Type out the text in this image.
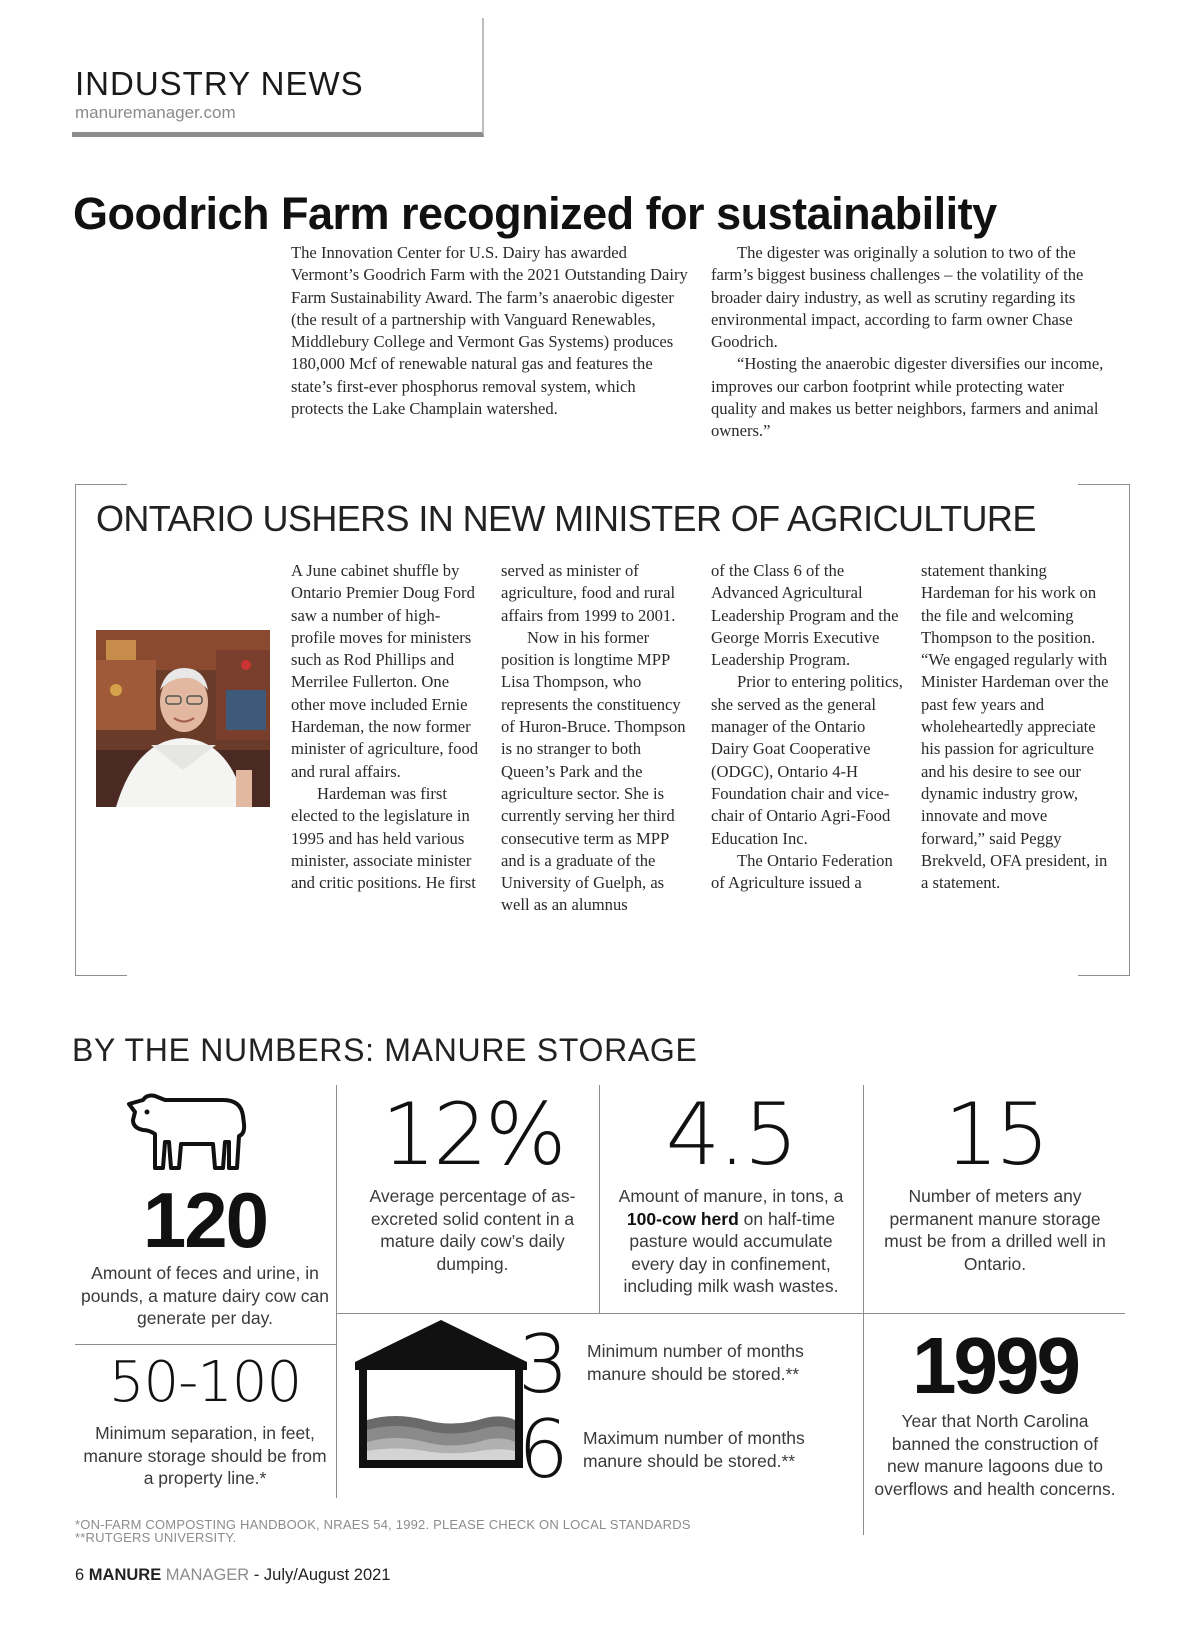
INDUSTRY NEWS
manuremanager.com
Goodrich Farm recognized for sustainability

The Innovation Center for U.S. Dairy has awarded Vermont’s Goodrich Farm with the 2021 Outstanding Dairy Farm Sustainability Award. The farm’s anaerobic digester (the result of a partnership with Vanguard Renewables, Middlebury College and Vermont Gas Systems) produces 180,000 Mcf of renewable natural gas and features the state’s first-ever phosphorus removal system, which protects the Lake Champlain watershed.

The digester was originally a solution to two of the farm’s biggest business challenges – the volatility of the broader dairy industry, as well as scrutiny regarding its environmental impact, according to farm owner Chase Goodrich.

“Hosting the anaerobic digester diversifies our income, improves our carbon footprint while protecting water quality and makes us better neighbors, farmers and animal owners.”

ONTARIO USHERS IN NEW MINISTER OF AGRICULTURE

A June cabinet shuffle by Ontario Premier Doug Ford saw a number of high-profile moves for ministers such as Rod Phillips and Merrilee Fullerton. One other move included Ernie Hardeman, the now former minister of agriculture, food and rural affairs.

Hardeman was first elected to the legislature in 1995 and has held various minister, associate minister and critic positions. He first

served as minister of agriculture, food and rural affairs from 1999 to 2001.

Now in his former position is longtime MPP Lisa Thompson, who represents the constituency of Huron-Bruce. Thompson is no stranger to both Queen’s Park and the agriculture sector. She is currently serving her third consecutive term as MPP and is a graduate of the University of Guelph, as well as an alumnus

of the Class 6 of the Advanced Agricultural Leadership Program and the George Morris Executive Leadership Program.

Prior to entering politics, she served as the general manager of the Ontario Dairy Goat Cooperative (ODGC), Ontario 4-H Foundation chair and vice-chair of Ontario Agri-Food Education Inc.

The Ontario Federation of Agriculture issued a

statement thanking Hardeman for his work on the file and welcoming Thompson to the position. “We engaged regularly with Minister Hardeman over the past few years and wholeheartedly appreciate his passion for agriculture and his desire to see our dynamic industry grow, innovate and move forward,” said Peggy Brekveld, OFA president, in a statement.

BY THE NUMBERS: MANURE STORAGE
120
Amount of feces and urine, in pounds, a mature dairy cow can generate per day.
12%
Average percentage of as-excreted solid content in a mature daily cow’s daily dumping.
4.5
Amount of manure, in tons, a 100-cow herd on half-time pasture would accumulate every day in confinement, including milk wash wastes.
15
Number of meters any permanent manure storage must be from a drilled well in Ontario.
50-100
Minimum separation, in feet, manure storage should be from a property line.*
3 Minimum number of months manure should be stored.**
6 Maximum number of months manure should be stored.**
1999
Year that North Carolina banned the construction of new manure lagoons due to overflows and health concerns.
*ON-FARM COMPOSTING HANDBOOK, NRAES 54, 1992. PLEASE CHECK ON LOCAL STANDARDS
**RUTGERS UNIVERSITY.
6 MANURE MANAGER - July/August 2021
